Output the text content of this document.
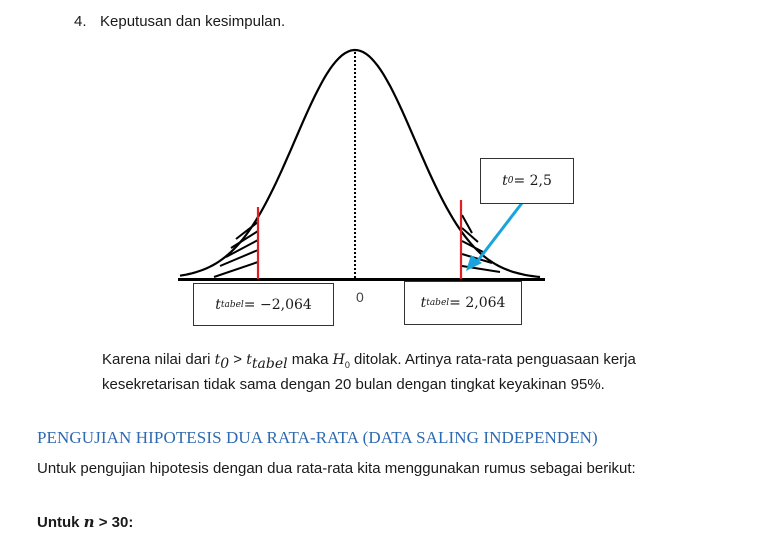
4. Keputusan dan kesimpulan.
t 0 = 2,5
t tabel = −2,064	t tabel = 2,064
0
Karena nilai dari $t_0 > t_{tabel}$ maka $H_0$ ditolak. Artinya rata-rata penguasaan kerja kesekretarisan tidak sama dengan 20 bulan dengan tingkat keyakinan 95%.
PENGUJIAN HIPOTESIS DUA RATA-RATA (DATA SALING INDEPENDEN)
Untuk pengujian hipotesis dengan dua rata-rata kita menggunakan rumus sebagai berikut:
Untuk n > 30:
